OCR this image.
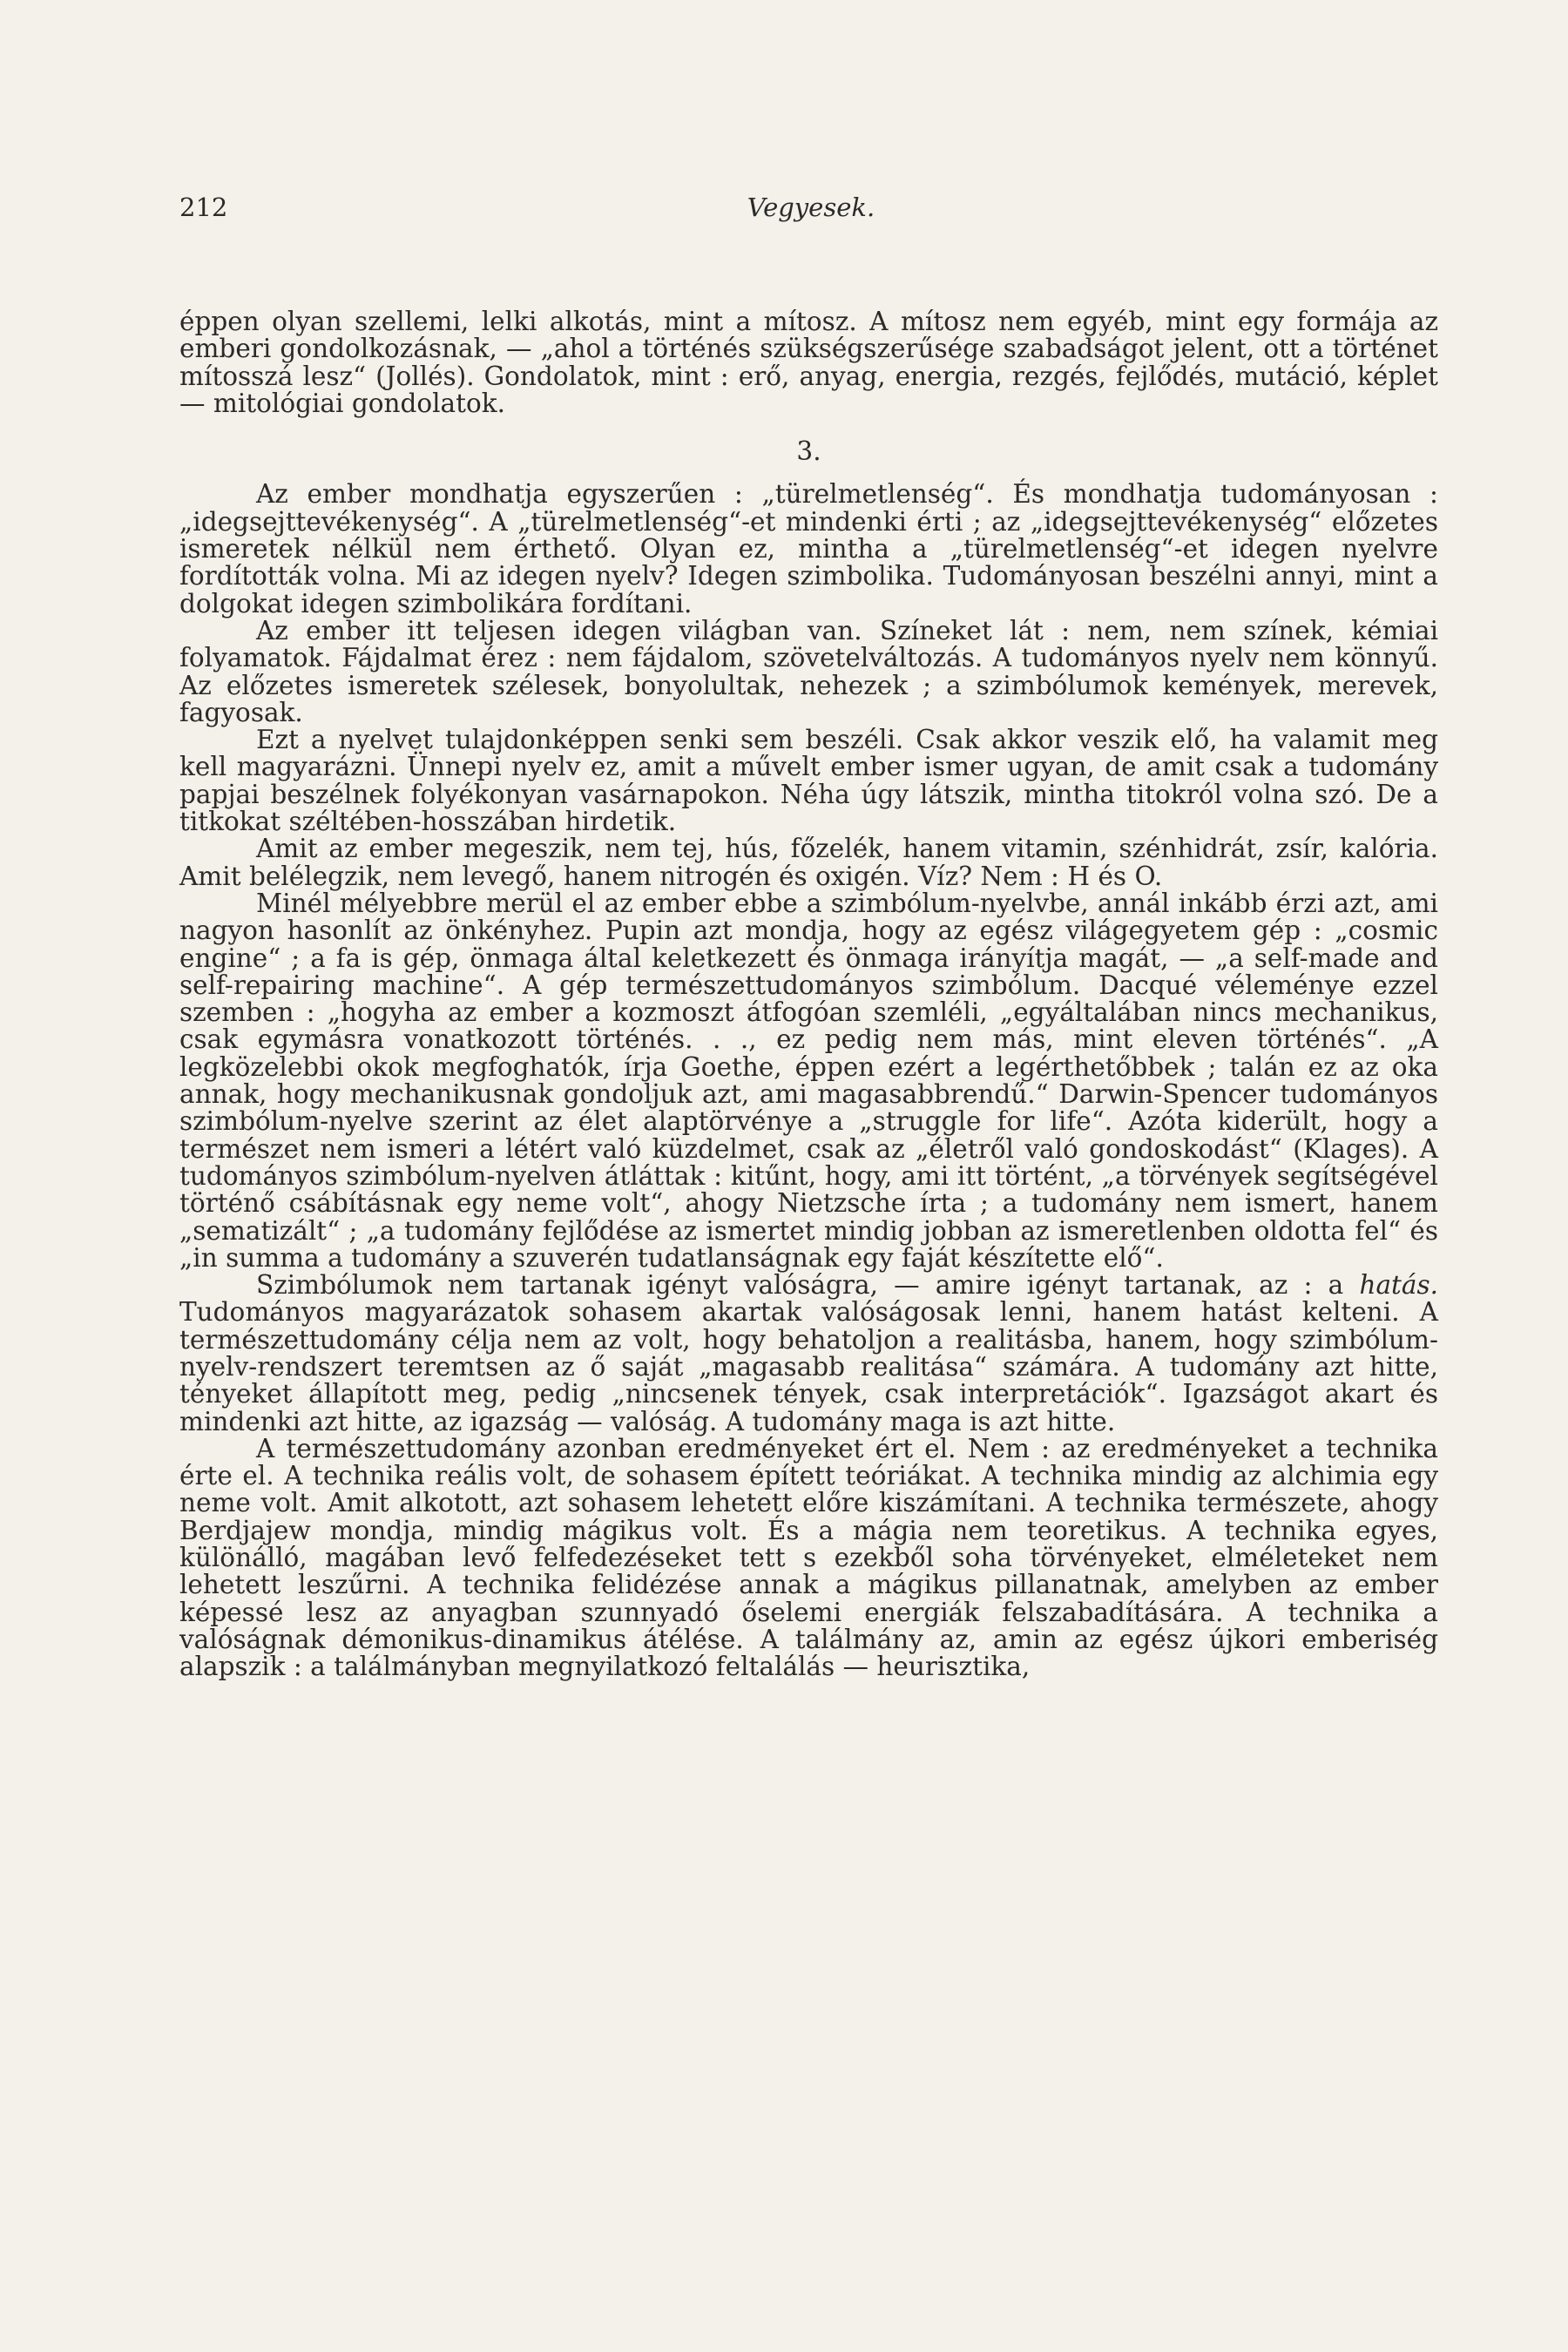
212	Vegyesek.

éppen olyan szellemi, lelki alkotás, mint a mítosz. A mítosz nem egyéb, mint egy formája az emberi gondolkozásnak, — „ahol a történés szükségszerűsége szabadságot jelent, ott a történet mítosszá lesz“ (Jollés). Gondolatok, mint : erő, anyag, energia, rezgés, fejlődés, mutáció, képlet — mitológiai gondolatok.

3.

Az ember mondhatja egyszerűen : „türelmetlenség“. És mondhatja tudományosan : „idegsejttevékenység“. A „türelmetlenség“-et mindenki érti ; az „idegsejttevékenység“ előzetes ismeretek nélkül nem érthető. Olyan ez, mintha a „türelmetlenség“-et idegen nyelvre fordították volna. Mi az idegen nyelv? Idegen szimbolika. Tudományosan beszélni annyi, mint a dolgokat idegen szimbolikára fordítani.

Az ember itt teljesen idegen világban van. Színeket lát : nem, nem színek, kémiai folyamatok. Fájdalmat érez : nem fájdalom, szövetelváltozás. A tudományos nyelv nem könnyű. Az előzetes ismeretek szélesek, bonyolultak, nehezek ; a szimbólumok kemények, merevek, fagyosak.

Ezt a nyelvet tulajdonképpen senki sem beszéli. Csak akkor veszik elő, ha valamit meg kell magyarázni. Ünnepi nyelv ez, amit a művelt ember ismer ugyan, de amit csak a tudomány papjai beszélnek folyékonyan vasárnapokon. Néha úgy látszik, mintha titokról volna szó. De a titkokat széltében-hosszában hirdetik.

Amit az ember megeszik, nem tej, hús, főzelék, hanem vitamin, szénhidrát, zsír, kalória. Amit belélegzik, nem levegő, hanem nitrogén és oxigén. Víz? Nem : H és O.

Minél mélyebbre merül el az ember ebbe a szimbólum-nyelvbe, annál inkább érzi azt, ami nagyon hasonlít az önkényhez. Pupin azt mondja, hogy az egész világegyetem gép : „cosmic engine“ ; a fa is gép, önmaga által keletkezett és önmaga irányítja magát, — „a self-made and self-repairing machine“. A gép természettudományos szimbólum. Dacqué véleménye ezzel szemben : „hogyha az ember a kozmoszt átfogóan szemléli, „egyáltalában nincs mechanikus, csak egymásra vonatkozott történés. . ., ez pedig nem más, mint eleven történés“. „A legközelebbi okok megfoghatók, írja Goethe, éppen ezért a legérthetőbbek ; talán ez az oka annak, hogy mechanikusnak gondoljuk azt, ami magasabbrendű.“ Darwin-Spencer tudományos szimbólum-nyelve szerint az élet alaptörvénye a „struggle for life“. Azóta kiderült, hogy a természet nem ismeri a létért való küzdelmet, csak az „életről való gondoskodást“ (Klages). A tudományos szimbólum-nyelven átláttak : kitűnt, hogy, ami itt történt, „a törvények segítségével történő csábításnak egy neme volt“, ahogy Nietzsche írta ; a tudomány nem ismert, hanem „sematizált“ ; „a tudomány fejlődése az ismertet mindig jobban az ismeretlenben oldotta fel“ és „in summa a tudomány a szuverén tudatlanságnak egy faját készítette elő“.

Szimbólumok nem tartanak igényt valóságra, — amire igényt tartanak, az : a hatás. Tudományos magyarázatok sohasem akartak valóságosak lenni, hanem hatást kelteni. A természettudomány célja nem az volt, hogy behatoljon a realitásba, hanem, hogy szimbólum-nyelv-rendszert teremtsen az ő saját „magasabb realitása“ számára. A tudomány azt hitte, tényeket állapított meg, pedig „nincsenek tények, csak interpretációk“. Igazságot akart és mindenki azt hitte, az igazság — valóság. A tudomány maga is azt hitte.

A természettudomány azonban eredményeket ért el. Nem : az eredményeket a technika érte el. A technika reális volt, de sohasem épített teóriákat. A technika mindig az alchimia egy neme volt. Amit alkotott, azt sohasem lehetett előre kiszámítani. A technika természete, ahogy Berdjajew mondja, mindig mágikus volt. És a mágia nem teoretikus. A technika egyes, különálló, magában levő felfedezéseket tett s ezekből soha törvényeket, elméleteket nem lehetett leszűrni. A technika felidézése annak a mágikus pillanatnak, amelyben az ember képessé lesz az anyagban szunnyadó őselemi energiák felszabadítására. A technika a valóságnak démonikus-dinamikus átélése. A találmány az, amin az egész újkori emberiség alapszik : a találmányban megnyilatkozó feltalálás — heurisztika,
